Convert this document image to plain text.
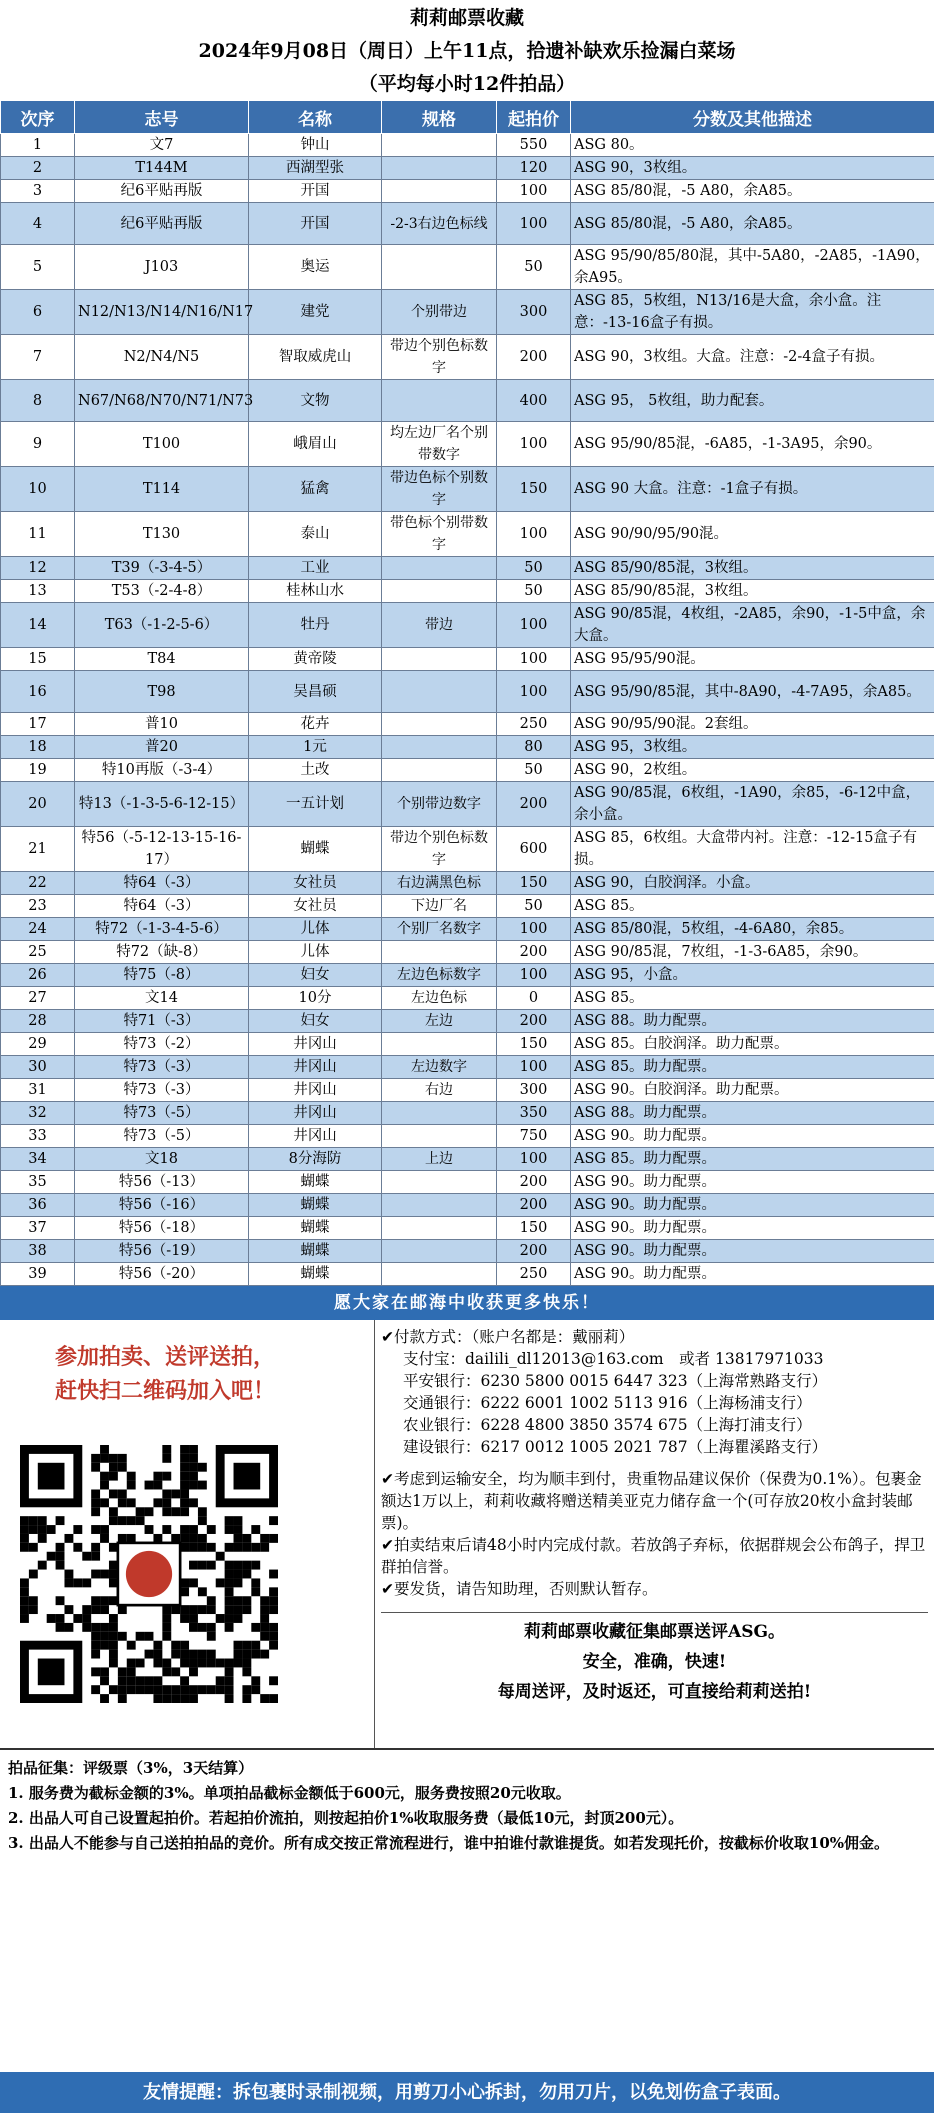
莉莉邮票收藏
2024年9月08日（周日）上午11点，拾遗补缺欢乐捡漏白菜场
（平均每小时12件拍品）
次序	志号	名称	规格	起拍价	分数及其他描述
1	文7	钟山		550	ASG 80。
2	T144M	西湖型张		120	ASG 90，3枚组。
3	纪6平贴再版	开国		100	ASG 85/80混，-5 A80，余A85。
4	纪6平贴再版	开国	-2-3右边色标线	100	ASG 85/80混，-5 A80，余A85。
5	J103	奥运		50	ASG 95/90/85/80混，其中-5A80，-2A85，-1A90，余A95。
6	N12/N13/N14/N16/N17	建党	个别带边	300	ASG 85，5枚组，N13/16是大盒，余小盒。注意：-13-16盒子有损。
7	N2/N4/N5	智取威虎山	带边个别色标数字	200	ASG 90，3枚组。大盒。注意：-2-4盒子有损。
8	N67/N68/N70/N71/N73	文物		400	ASG 95， 5枚组，助力配套。
9	T100	峨眉山	均左边厂名个别带数字	100	ASG 95/90/85混，-6A85，-1-3A95，余90。
10	T114	猛禽	带边色标个别数字	150	ASG 90 大盒。注意：-1盒子有损。
11	T130	泰山	带色标个别带数字	100	ASG 90/90/95/90混。
12	T39（-3-4-5）	工业		50	ASG 85/90/85混，3枚组。
13	T53（-2-4-8）	桂林山水		50	ASG 85/90/85混，3枚组。
14	T63（-1-2-5-6）	牡丹	带边	100	ASG 90/85混，4枚组，-2A85，余90，-1-5中盒，余大盒。
15	T84	黄帝陵		100	ASG 95/95/90混。
16	T98	吴昌硕		100	ASG 95/90/85混，其中-8A90，-4-7A95，余A85。
17	普10	花卉		250	ASG 90/95/90混。2套组。
18	普20	1元		80	ASG 95，3枚组。
19	特10再版（-3-4）	土改		50	ASG 90，2枚组。
20	特13（-1-3-5-6-12-15）	一五计划	个别带边数字	200	ASG 90/85混，6枚组，-1A90，余85，-6-12中盒，余小盒。
21	特56（-5-12-13-15-16-17）	蝴蝶	带边个别色标数字	600	ASG 85，6枚组。大盒带内衬。注意：-12-15盒子有损。
22	特64（-3）	女社员	右边满黑色标	150	ASG 90，白胶润泽。小盒。
23	特64（-3）	女社员	下边厂名	50	ASG 85。
24	特72（-1-3-4-5-6）	儿体	个别厂名数字	100	ASG 85/80混，5枚组，-4-6A80，余85。
25	特72（缺-8）	儿体		200	ASG 90/85混，7枚组，-1-3-6A85，余90。
26	特75（-8）	妇女	左边色标数字	100	ASG 95，小盒。
27	文14	10分	左边色标	0	ASG 85。
28	特71（-3）	妇女	左边	200	ASG 88。助力配票。
29	特73（-2）	井冈山		150	ASG 85。白胶润泽。助力配票。
30	特73（-3）	井冈山	左边数字	100	ASG 85。助力配票。
31	特73（-3）	井冈山	右边	300	ASG 90。白胶润泽。助力配票。
32	特73（-5）	井冈山		350	ASG 88。助力配票。
33	特73（-5）	井冈山		750	ASG 90。助力配票。
34	文18	8分海防	上边	100	ASG 85。助力配票。
35	特56（-13）	蝴蝶		200	ASG 90。助力配票。
36	特56（-16）	蝴蝶		200	ASG 90。助力配票。
37	特56（-18）	蝴蝶		150	ASG 90。助力配票。
38	特56（-19）	蝴蝶		200	ASG 90。助力配票。
39	特56（-20）	蝴蝶		250	ASG 90。助力配票。
愿大家在邮海中收获更多快乐！
参加拍卖、送评送拍，
赶快扫二维码加入吧！
✔付款方式：（账户名都是：戴丽莉）
支付宝：dailili_dl12013@163.com　或者 13817971033
平安银行：6230 5800 0015 6447 323（上海常熟路支行）
交通银行：6222 6001 1002 5113 916（上海杨浦支行）
农业银行：6228 4800 3850 3574 675（上海打浦支行）
建设银行：6217 0012 1005 2021 787（上海瞿溪路支行）
✔考虑到运输安全，均为顺丰到付，贵重物品建议保价（保费为0.1%）。包裹金额达1万以上，莉莉收藏将赠送精美亚克力储存盒一个(可存放20枚小盒封装邮票)。
✔拍卖结束后请48小时内完成付款。若放鸽子弃标，依据群规会公布鸽子，捍卫群拍信誉。
✔要发货，请告知助理，否则默认暂存。
莉莉邮票收藏征集邮票送评ASG。
安全，准确，快速!
每周送评，及时返还，可直接给莉莉送拍!
拍品征集：评级票（3%，3天结算）
1. 服务费为截标金额的3%。单项拍品截标金额低于600元，服务费按照20元收取。
2. 出品人可自己设置起拍价。若起拍价流拍，则按起拍价1%收取服务费（最低10元，封顶200元）。
3. 出品人不能参与自己送拍拍品的竞价。所有成交按正常流程进行，谁中拍谁付款谁提货。如若发现托价，按截标价收取10%佣金。
友情提醒：拆包裹时录制视频，用剪刀小心拆封，勿用刀片，以免划伤盒子表面。
